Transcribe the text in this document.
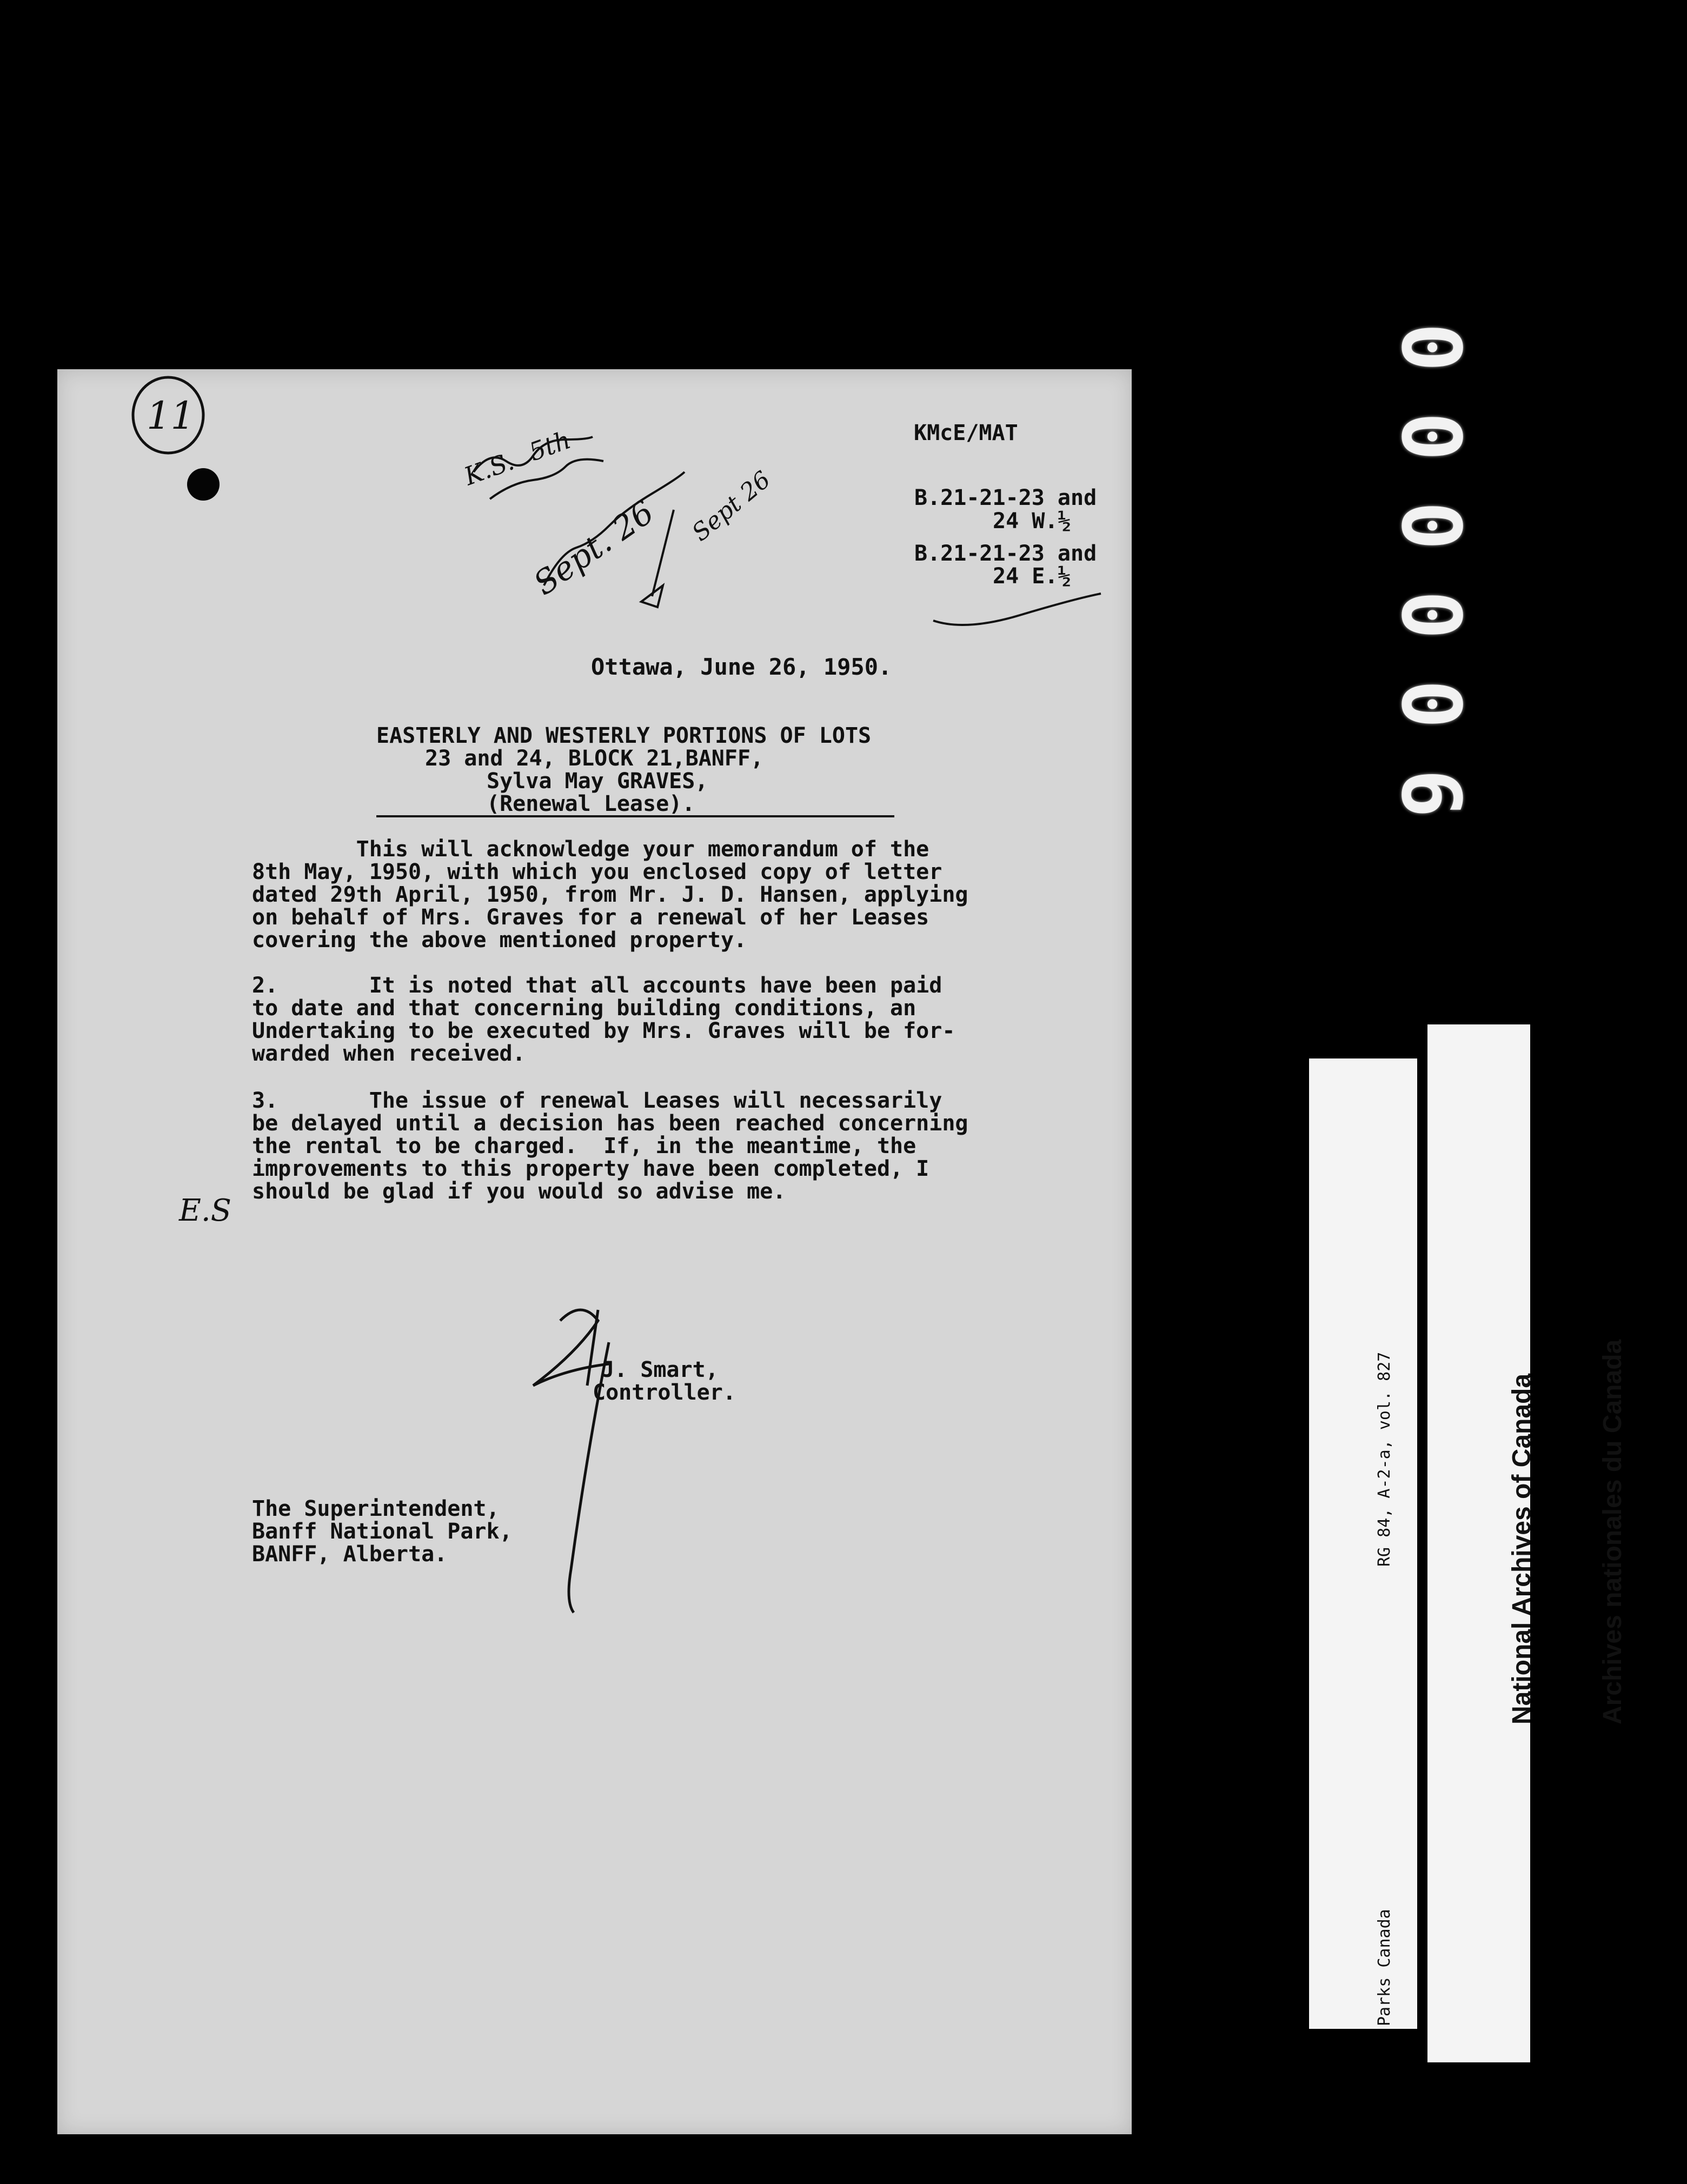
KMcE/MAT
B.21-21-23 and
24 W.½
B.21-21-23 and
24 E.½
Ottawa, June 26, 1950.
EASTERLY AND WESTERLY PORTIONS OF LOTS
23 and 24, BLOCK 21,BANFF,
Sylva May GRAVES,
(Renewal Lease).
This will acknowledge your memorandum of the
8th May, 1950, with which you enclosed copy of letter
dated 29th April, 1950, from Mr. J. D. Hansen, applying
on behalf of Mrs. Graves for a renewal of her Leases
covering the above mentioned property.
2.       It is noted that all accounts have been paid
to date and that concerning building conditions, an
Undertaking to be executed by Mrs. Graves will be for-
warded when received.
3.       The issue of renewal Leases will necessarily
be delayed until a decision has been reached concerning
the rental to be charged.  If, in the meantime, the
improvements to this property have been completed, I
should be glad if you would so advise me.
J. Smart,
Controller.
The Superintendent,
Banff National Park,
BANFF, Alberta.
11
K.S.
5th
Sept. 26 Sept 26
E.S
0
0
0
0
0
6

Parks Canada

RG 84, A-2-a, vol. 827

	National Archives of Canada

Archives nationales du Canada
